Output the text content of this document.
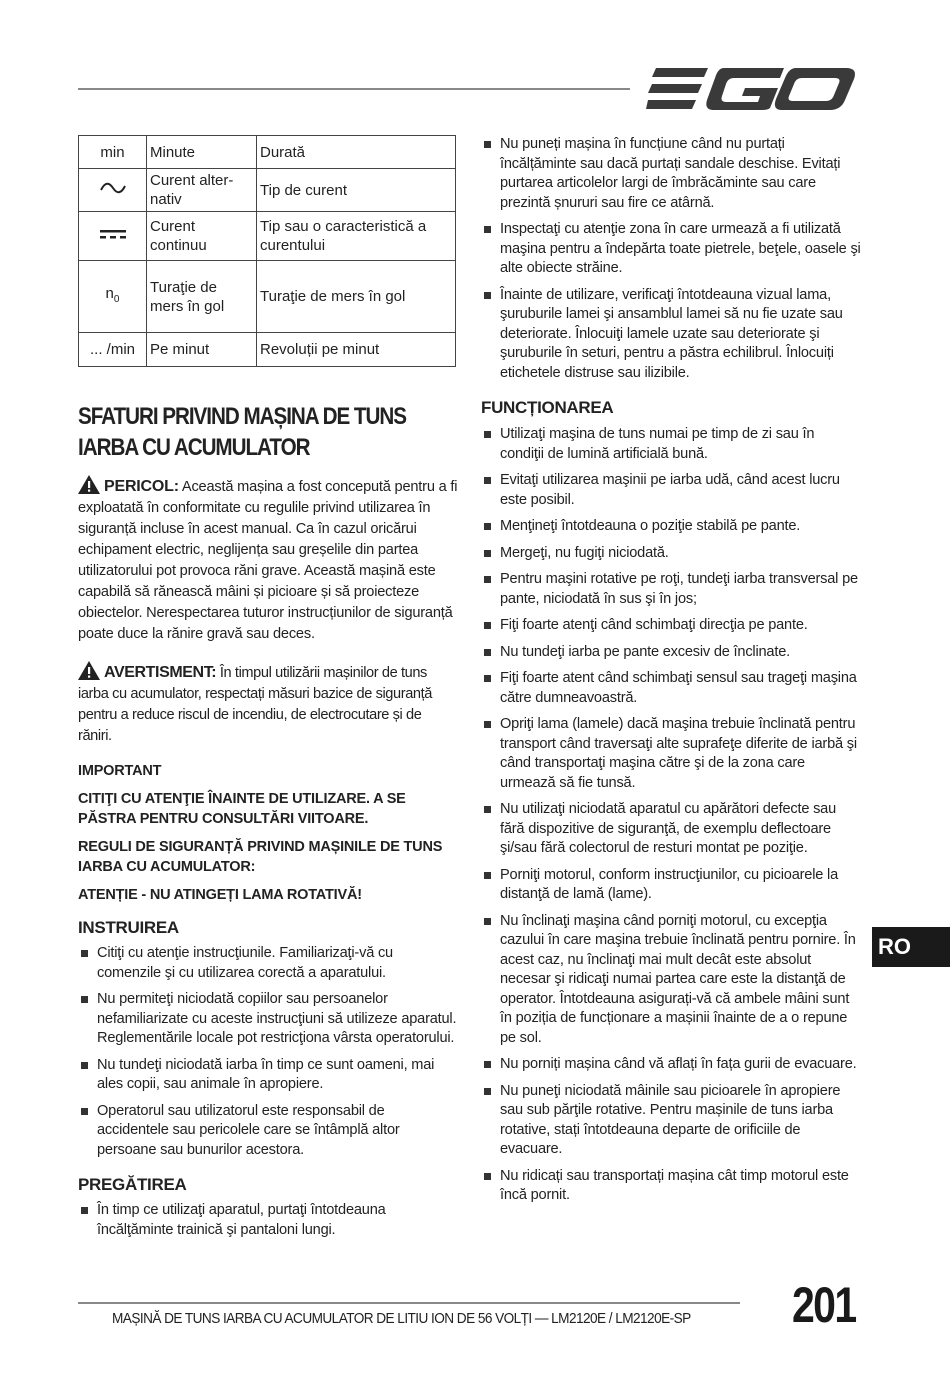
min	Minute	Durată
	Curent alter-nativ	Tip de curent
	Curent continuu	Tip sau o caracteristică a curentului
$n_0$	Turaţie de mers în gol	Turaţie de mers în gol
... /min	Pe minut	Revoluții pe minut
SFATURI PRIVIND MAȘINA DE TUNS IARBA CU ACUMULATOR

PERICOL: Această mașina a fost concepută pentru a fi exploatată în conformitate cu regulile privind utilizarea în siguranță incluse în acest manual. Ca în cazul oricărui echipament electric, neglijența sau greșelile din partea utilizatorului pot provoca răni grave. Această mașină este capabilă să rănească mâini și picioare și să proiecteze obiectelor. Nerespectarea tuturor instrucțiunilor de siguranță poate duce la rănire gravă sau deces.

AVERTISMENT: În timpul utilizării mașinilor de tuns iarba cu acumulator, respectați măsuri bazice de siguranță pentru a reduce riscul de incendiu, de electrocutare și de răniri.

IMPORTANT

CITIŢI CU ATENŢIE ÎNAINTE DE UTILIZARE. A SE PĂSTRA PENTRU CONSULTĂRI VIITOARE.

REGULI DE SIGURANȚĂ PRIVIND MAȘINILE DE TUNS IARBA CU ACUMULATOR:

ATENȚIE - NU ATINGEȚI LAMA ROTATIVĂ!

INSTRUIREA
Citiţi cu atenţie instrucţiunile. Familiarizaţi-vă cu comenzile şi cu utilizarea corectă a aparatului.
Nu permiteţi niciodată copiilor sau persoanelor nefamiliarizate cu aceste instrucţiuni să utilizeze aparatul. Reglementările locale pot restricţiona vârsta operatorului.
Nu tundeţi niciodată iarba în timp ce sunt oameni, mai ales copii, sau animale în apropiere.
Operatorul sau utilizatorul este responsabil de accidentele sau pericolele care se întâmplă altor persoane sau bunurilor acestora.
PREGĂTIREA
În timp ce utilizaţi aparatul, purtaţi întotdeauna încălţăminte trainică şi pantaloni lungi.
Nu puneți mașina în funcțiune când nu purtați încălțăminte sau dacă purtați sandale deschise. Evitați purtarea articolelor largi de îmbrăcăminte sau care prezintă șnururi sau fire ce atârnă.
Inspectaţi cu atenţie zona în care urmează a fi utilizată maşina pentru a îndepărta toate pietrele, beţele, oasele şi alte obiecte străine.
Înainte de utilizare, verificaţi întotdeauna vizual lama, şuruburile lamei şi ansamblul lamei să nu fie uzate sau deteriorate. Înlocuiţi lamele uzate sau deteriorate şi şuruburile în seturi, pentru a păstra echilibrul. Înlocuiți etichetele distruse sau ilizibile.
FUNCȚIONAREA
Utilizaţi maşina de tuns numai pe timp de zi sau în condiţii de lumină artificială bună.
Evitaţi utilizarea maşinii pe iarba udă, când acest lucru este posibil.
Menţineţi întotdeauna o poziţie stabilă pe pante.
Mergeţi, nu fugiţi niciodată.
Pentru maşini rotative pe roţi, tundeţi iarba transversal pe pante, niciodată în sus şi în jos;
Fiţi foarte atenţi când schimbaţi direcţia pe pante.
Nu tundeţi iarba pe pante excesiv de înclinate.
Fiţi foarte atent când schimbaţi sensul sau trageţi maşina către dumneavoastră.
Opriţi lama (lamele) dacă maşina trebuie înclinată pentru transport când traversaţi alte suprafeţe diferite de iarbă şi când transportaţi maşina către şi de la zona care urmează să fie tunsă.
Nu utilizaţi niciodată aparatul cu apărători defecte sau fără dispozitive de siguranţă, de exemplu deflectoare şi/sau fără colectorul de resturi montat pe poziţie.
Porniţi motorul, conform instrucţiunilor, cu picioarele la distanţă de lamă (lame).
Nu înclinaţi maşina când porniţi motorul, cu excepţia cazului în care maşina trebuie înclinată pentru pornire. În acest caz, nu înclinaţi mai mult decât este absolut necesar şi ridicaţi numai partea care este la distanţă de operator. Întotdeauna asigurați-vă că ambele mâini sunt în poziția de funcționare a mașinii înainte de a o repune pe sol.
Nu porniți mașina când vă aflați în fața gurii de evacuare.
Nu puneţi niciodată mâinile sau picioarele în apropiere sau sub părţile rotative. Pentru mașinile de tuns iarba rotative, stați întotdeauna departe de orificiile de evacuare.
Nu ridicați sau transportați mașina cât timp motorul este încă pornit.
RO
MAȘINĂ DE TUNS IARBA CU ACUMULATOR DE LITIU ION DE 56 VOLȚI — LM2120E / LM2120E-SP	201
